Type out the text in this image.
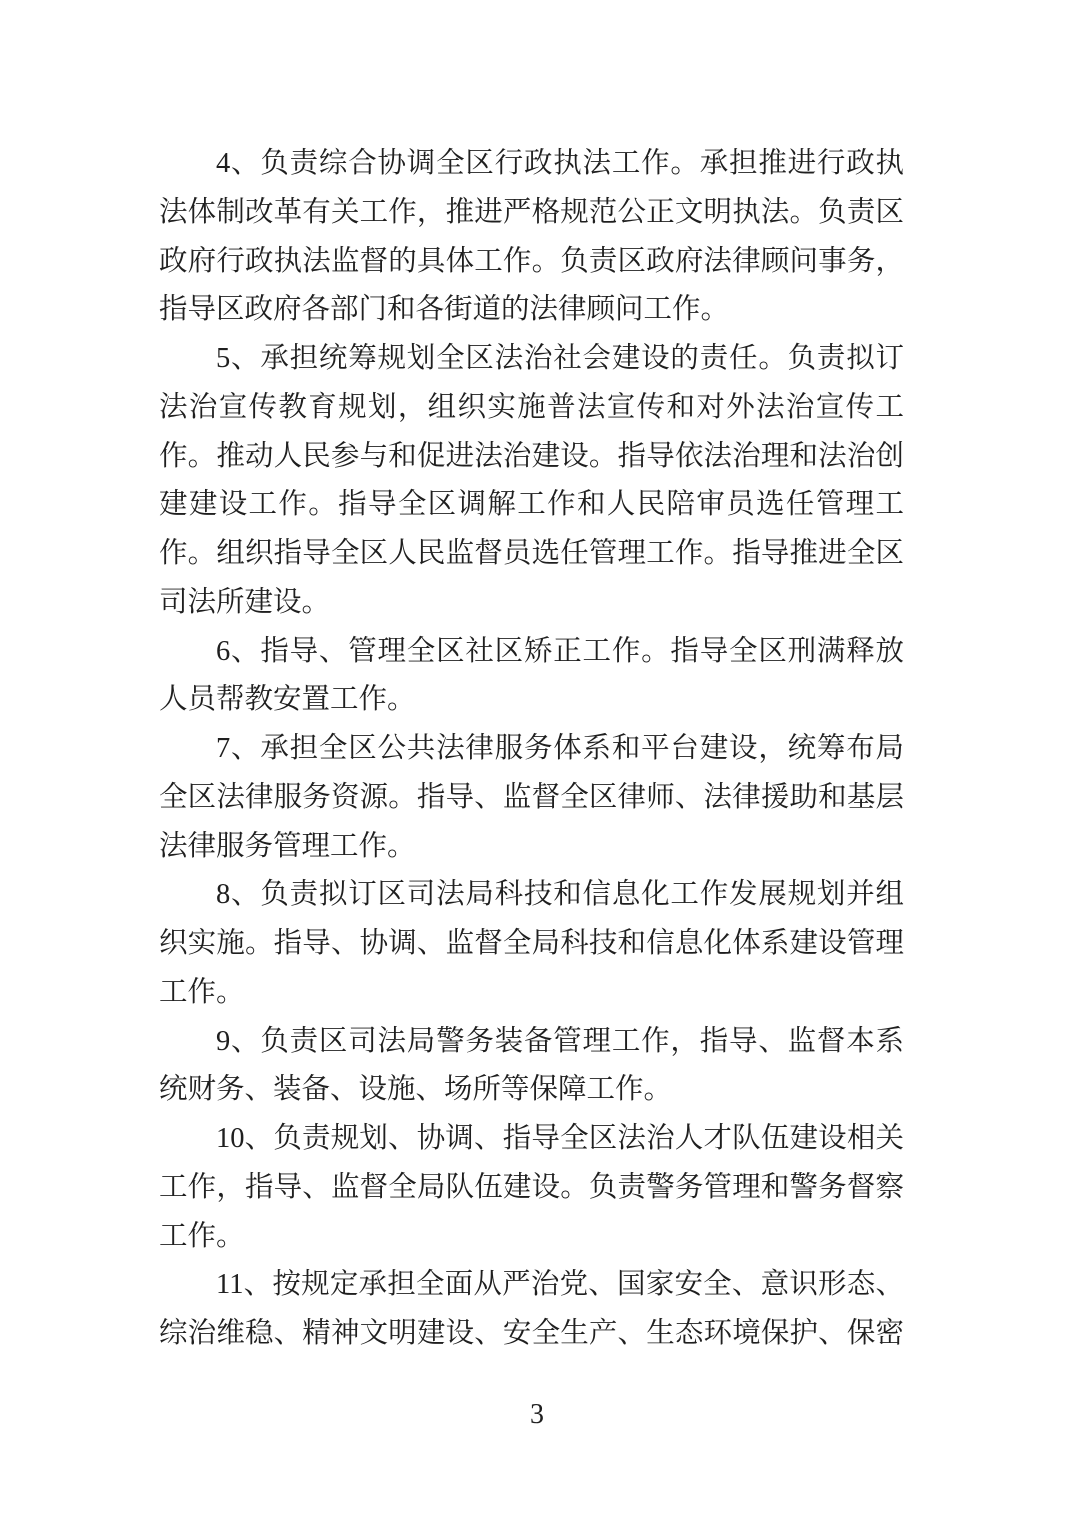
4、负责综合协调全区行政执法工作。承担推进行政执
法体制改革有关工作，推进严格规范公正文明执法。负责区
政府行政执法监督的具体工作。负责区政府法律顾问事务，
指导区政府各部门和各街道的法律顾问工作。

5、承担统筹规划全区法治社会建设的责任。负责拟订
法治宣传教育规划，组织实施普法宣传和对外法治宣传工
作。推动人民参与和促进法治建设。指导依法治理和法治创
建建设工作。指导全区调解工作和人民陪审员选任管理工
作。组织指导全区人民监督员选任管理工作。指导推进全区
司法所建设。

6、指导、管理全区社区矫正工作。指导全区刑满释放
人员帮教安置工作。

7、承担全区公共法律服务体系和平台建设，统筹布局
全区法律服务资源。指导、监督全区律师、法律援助和基层
法律服务管理工作。

8、负责拟订区司法局科技和信息化工作发展规划并组
织实施。指导、协调、监督全局科技和信息化体系建设管理
工作。

9、负责区司法局警务装备管理工作，指导、监督本系
统财务、装备、设施、场所等保障工作。

10、负责规划、协调、指导全区法治人才队伍建设相关
工作，指导、监督全局队伍建设。负责警务管理和警务督察
工作。

11、按规定承担全面从严治党、国家安全、意识形态、
综治维稳、精神文明建设、安全生产、生态环境保护、保密

3
